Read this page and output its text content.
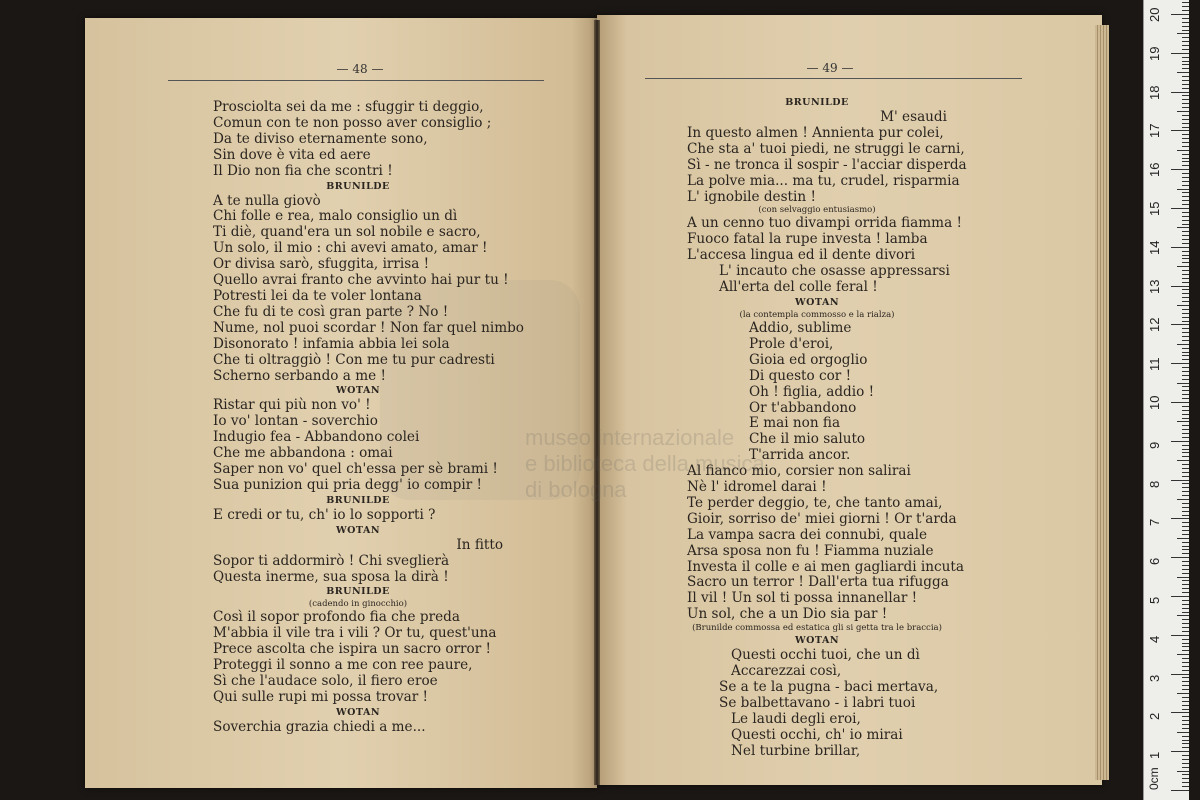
museo internazionale
e biblioteca della musica
di bologna
— 48 —	— 49 —
Prosciolta sei da me : sfuggir ti deggio,
Comun con te non posso aver consiglio ;
Da te diviso eternamente sono,
Sin dove è vita ed aere
Il Dio non fia che scontri !
BRUNILDE
A te nulla giovò
Chi folle e rea, malo consiglio un dì
Ti diè, quand'era un sol nobile e sacro,
Un solo, il mio : chi avevi amato, amar !
Or divisa sarò, sfuggita, irrisa !
Quello avrai franto che avvinto hai pur tu !
Potresti lei da te voler lontana
Che fu di te così gran parte ? No !
Nume, nol puoi scordar ! Non far quel nimbo
Disonorato ! infamia abbia lei sola
Che ti oltraggiò ! Con me tu pur cadresti
Scherno serbando a me !
WOTAN
Ristar qui più non vo' !
Io vo' lontan - soverchio
Indugio fea - Abbandono colei
Che me abbandona : omai
Saper non vo' quel ch'essa per sè brami !
Sua punizion qui pria degg' io compir !
BRUNILDE
E credi or tu, ch' io lo sopporti ?
WOTAN
In fitto
Sopor ti addormirò ! Chi sveglierà
Questa inerme, sua sposa la dirà !
BRUNILDE
(cadendo in ginocchio)
Così il sopor profondo fia che preda
M'abbia il vile tra i vili ? Or tu, quest'una
Prece ascolta che ispira un sacro orror !
Proteggi il sonno a me con ree paure,
Sì che l'audace solo, il fiero eroe
Qui sulle rupi mi possa trovar !
WOTAN
Soverchia grazia chiedi a me...
BRUNILDE
M' esaudi
In questo almen ! Annienta pur colei,
Che sta a' tuoi piedi, ne struggi le carni,
Sì - ne tronca il sospir - l'acciar disperda
La polve mia... ma tu, crudel, risparmia
L' ignobile destin !
(con selvaggio entusiasmo)
A un cenno tuo divampi orrida fiamma !
Fuoco fatal la rupe investa ! lamba
L'accesa lingua ed il dente divori
L' incauto che osasse appressarsi
All'erta del colle feral !
WOTAN
(la contempla commosso e la rialza)
Addio, sublime
Prole d'eroi,
Gioia ed orgoglio
Di questo cor !
Oh ! figlia, addio !
Or t'abbandono
E mai non fia
Che il mio saluto
T'arrida ancor.
Al fianco mio, corsier non salirai
Nè l' idromel darai !
Te perder deggio, te, che tanto amai,
Gioir, sorriso de' miei giorni ! Or t'arda
La vampa sacra dei connubi, quale
Arsa sposa non fu ! Fiamma nuziale
Investa il colle e ai men gagliardi incuta
Sacro un terror ! Dall'erta tua rifugga
Il vil ! Un sol ti possa innanellar !
Un sol, che a un Dio sia par !
(Brunilde commossa ed estatica gli si getta tra le braccia)
WOTAN
Questi occhi tuoi, che un dì
Accarezzai così,
Se a te la pugna - baci mertava,
Se balbettavano - i labri tuoi
Le laudi degli eroi,
Questi occhi, ch' io mirai
Nel turbine brillar,
0cm
1
2
3
4
5
6
7
8
9
10
11
12
13
14
15
16
17
18
19
20
